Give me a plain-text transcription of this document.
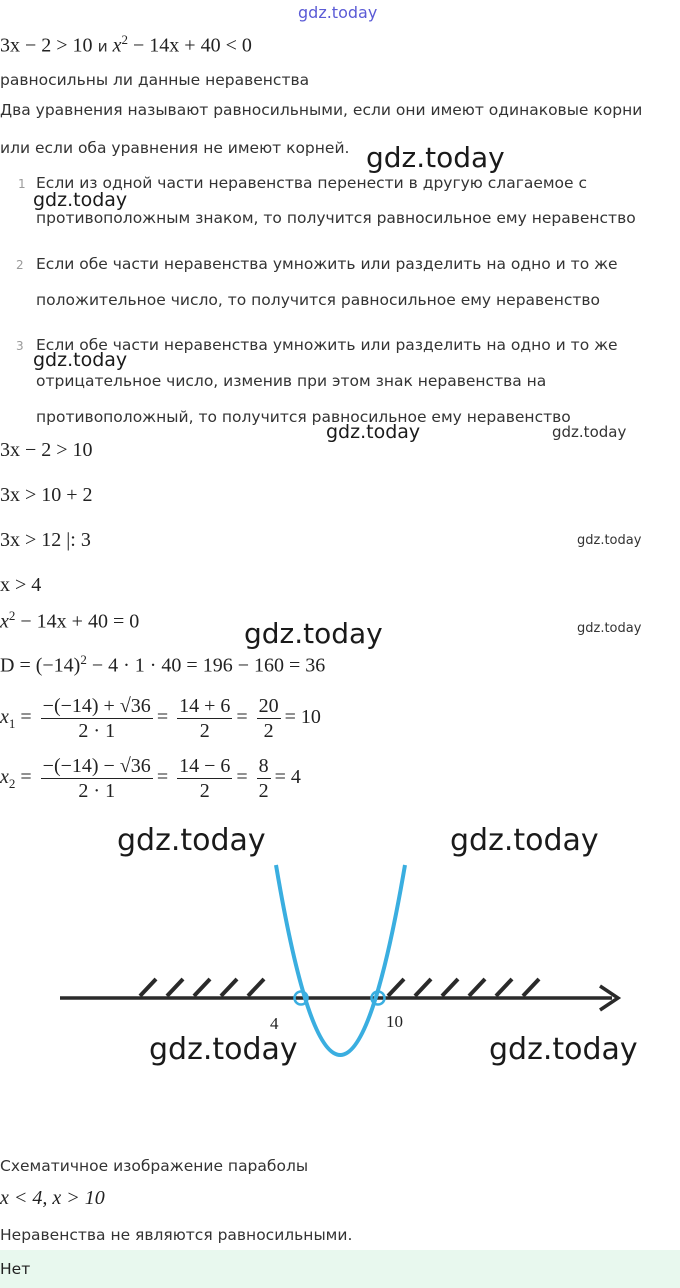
gdz.today
3x − 2 > 10 и $x^2 - 14x + 40 < 0$
равносильны ли данные неравенства
Два уравнения называют равносильными, если они имеют одинаковые корни
или если оба уравнения не имеют корней. gdz.today
1 Если из одной части неравенства перенести в другую слагаемое с
gdz.today
противоположным знаком, то получится равносильное ему неравенство
2 Если обе части неравенства умножить или разделить на одно и то же
положительное число, то получится равносильное ему неравенство
3 Если обе части неравенства умножить или разделить на одно и то же
gdz.today
отрицательное число, изменив при этом знак неравенства на
противоположный, то получится равносильное ему неравенство
gdz.today	gdz.today
3x − 2 > 10
3x > 10 + 2
3x > 12 |: 3	gdz.today
x > 4
$x^2 - 14x + 40 = 0$	gdz.today
gdz.today
$D = (-14)^2 - 4 \cdot 1 \cdot 40 = 196 - 160 = 36$
$x_1 = \frac{-(-14) + √36}{2 \cdot 1} = \frac{14 + 6}{2} = \frac{20}{2} = 10$
$x_2 = \frac{-(-14) - √36}{2 \cdot 1} = \frac{14 - 6}{2} = \frac{8}{2} = 4$
gdz.today	gdz.today
4	10
gdz.today	gdz.today
Схематичное изображение параболы
x < 4, x > 10
Неравенства не являются равносильными.
Нет
